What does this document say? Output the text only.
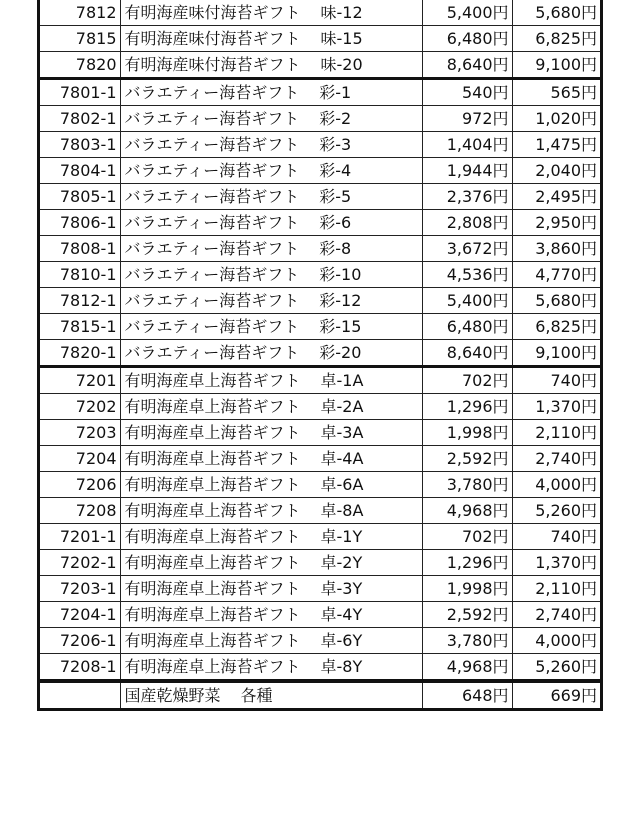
7812	有明海産味付海苔ギフト 味-12	5,400円	5,680円
7815	有明海産味付海苔ギフト 味-15	6,480円	6,825円
7820	有明海産味付海苔ギフト 味-20	8,640円	9,100円
7801-1	バラエティー海苔ギフト 彩-1	540円	565円
7802-1	バラエティー海苔ギフト 彩-2	972円	1,020円
7803-1	バラエティー海苔ギフト 彩-3	1,404円	1,475円
7804-1	バラエティー海苔ギフト 彩-4	1,944円	2,040円
7805-1	バラエティー海苔ギフト 彩-5	2,376円	2,495円
7806-1	バラエティー海苔ギフト 彩-6	2,808円	2,950円
7808-1	バラエティー海苔ギフト 彩-8	3,672円	3,860円
7810-1	バラエティー海苔ギフト 彩-10	4,536円	4,770円
7812-1	バラエティー海苔ギフト 彩-12	5,400円	5,680円
7815-1	バラエティー海苔ギフト 彩-15	6,480円	6,825円
7820-1	バラエティー海苔ギフト 彩-20	8,640円	9,100円
7201	有明海産卓上海苔ギフト 卓-1A	702円	740円
7202	有明海産卓上海苔ギフト 卓-2A	1,296円	1,370円
7203	有明海産卓上海苔ギフト 卓-3A	1,998円	2,110円
7204	有明海産卓上海苔ギフト 卓-4A	2,592円	2,740円
7206	有明海産卓上海苔ギフト 卓-6A	3,780円	4,000円
7208	有明海産卓上海苔ギフト 卓-8A	4,968円	5,260円
7201-1	有明海産卓上海苔ギフト 卓-1Y	702円	740円
7202-1	有明海産卓上海苔ギフト 卓-2Y	1,296円	1,370円
7203-1	有明海産卓上海苔ギフト 卓-3Y	1,998円	2,110円
7204-1	有明海産卓上海苔ギフト 卓-4Y	2,592円	2,740円
7206-1	有明海産卓上海苔ギフト 卓-6Y	3,780円	4,000円
7208-1	有明海産卓上海苔ギフト 卓-8Y	4,968円	5,260円
	国産乾燥野菜 各種	648円	669円
